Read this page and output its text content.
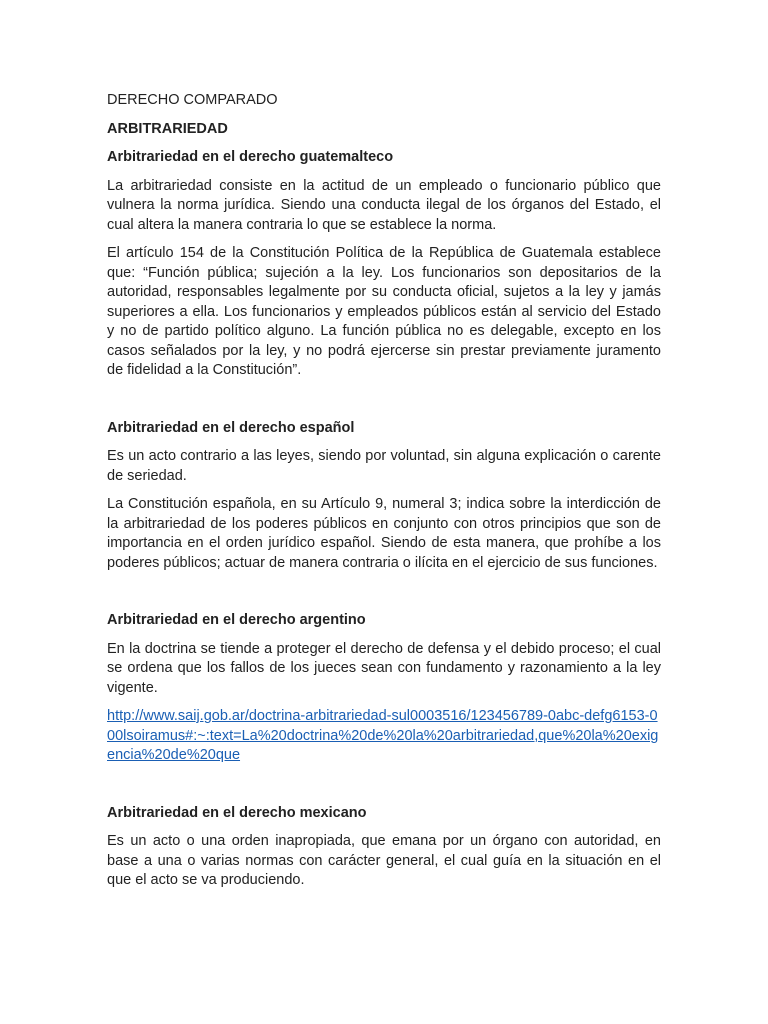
DERECHO COMPARADO
ARBITRARIEDAD
Arbitrariedad en el derecho guatemalteco

La arbitrariedad consiste en la actitud de un empleado o funcionario público que vulnera la norma jurídica. Siendo una conducta ilegal de los órganos del Estado, el cual altera la manera contraria lo que se establece la norma.

El artículo 154 de la Constitución Política de la República de Guatemala establece que: “Función pública; sujeción a la ley. Los funcionarios son depositarios de la autoridad, responsables legalmente por su conducta oficial, sujetos a la ley y jamás superiores a ella. Los funcionarios y empleados públicos están al servicio del Estado y no de partido político alguno. La función pública no es delegable, excepto en los casos señalados por la ley, y no podrá ejercerse sin prestar previamente juramento de fidelidad a la Constitución”.

Arbitrariedad en el derecho español

Es un acto contrario a las leyes, siendo por voluntad, sin alguna explicación o carente de seriedad.

La Constitución española, en su Artículo 9, numeral 3; indica sobre la interdicción de la arbitrariedad de los poderes públicos en conjunto con otros principios que son de importancia en el orden jurídico español. Siendo de esta manera, que prohíbe a los poderes públicos; actuar de manera contraria o ilícita en el ejercicio de sus funciones.

Arbitrariedad en el derecho argentino

En la doctrina se tiende a proteger el derecho de defensa y el debido proceso; el cual se ordena que los fallos de los jueces sean con fundamento y razonamiento a la ley vigente.

http://www.saij.gob.ar/doctrina-arbitrariedad-sul0003516/123456789-0abc-defg6153-000lsoiramus#:~:text=La%20doctrina%20de%20la%20arbitrariedad,que%20la%20exigencia%20de%20que
Arbitrariedad en el derecho mexicano

Es un acto o una orden inapropiada, que emana por un órgano con autoridad, en base a una o varias normas con carácter general, el cual guía en la situación en el que el acto se va produciendo.
